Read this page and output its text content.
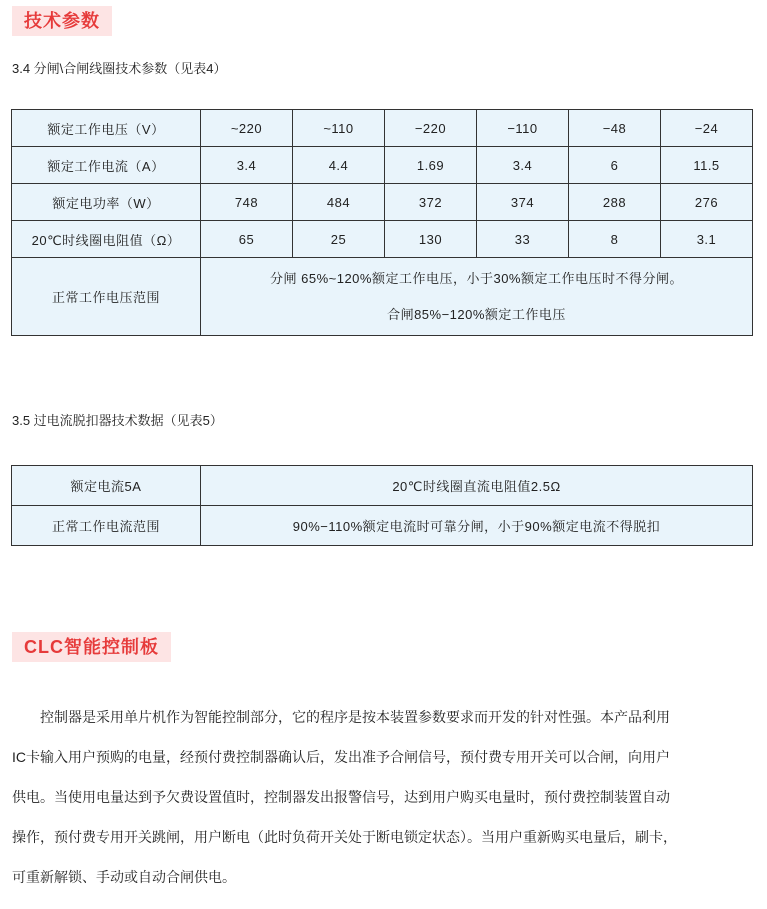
技术参数
3.4 分闸\合闸线圈技术参数（见表4）
额定工作电压（V）	~220	~110	−220	−110	−48	−24
额定工作电流（A）	3.4	4.4	1.69	3.4	6	11.5
额定电功率（W）	748	484	372	374	288	276
20℃时线圈电阻值（Ω）	65	25	130	33	8	3.1
正常工作电压范围	分闸 65%~120%额定工作电压，小于30%额定工作电压时不得分闸。
合闸85%−120%额定工作电压					
3.5 过电流脱扣器技术数据（见表5）
额定电流5A	20℃时线圈直流电阻值2.5Ω
正常工作电流范围	90%−110%额定电流时可靠分闸，小于90%额定电流不得脱扣
CLC智能控制板
控制器是采用单片机作为智能控制部分，它的程序是按本装置参数要求而开发的针对性强。本产品利用
IC卡输入用户预购的电量，经预付费控制器确认后，发出准予合闸信号，预付费专用开关可以合闸，向用户
供电。当使用电量达到予欠费设置值时，控制器发出报警信号，达到用户购买电量时，预付费控制装置自动
操作，预付费专用开关跳闸，用户断电（此时负荷开关处于断电锁定状态）。当用户重新购买电量后，刷卡，
可重新解锁、手动或自动合闸供电。
